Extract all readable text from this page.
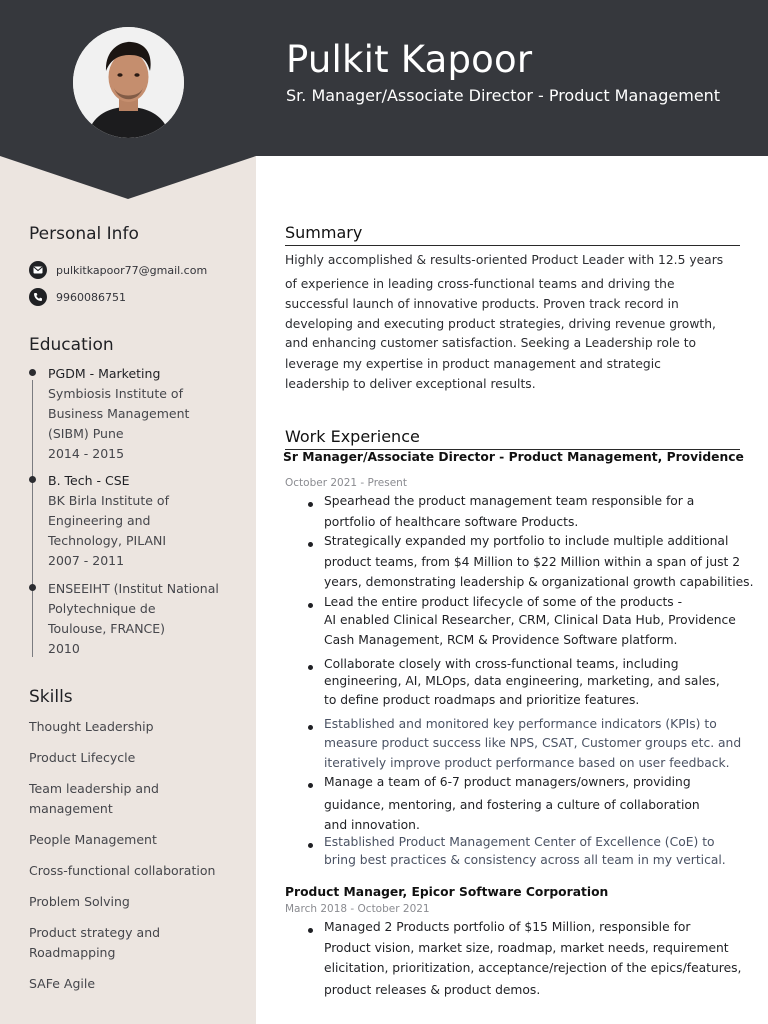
Pulkit Kapoor
Sr. Manager/Associate Director - Product Management
Personal Info
pulkitkapoor77@gmail.com
9960086751
Education
PGDM - Marketing
Symbiosis Institute of
Business Management
(SIBM) Pune
2014 - 2015
B. Tech - CSE
BK Birla Institute of
Engineering and
Technology, PILANI
2007 - 2011
ENSEEIHT (Institut National
Polytechnique de
Toulouse, FRANCE)
2010
Skills
Thought Leadership
Product Lifecycle
Team leadership and
management
People Management
Cross-functional collaboration
Problem Solving
Product strategy and
Roadmapping
SAFe Agile
Summary
Highly accomplished & results-oriented Product Leader with 12.5 years
of experience in leading cross-functional teams and driving the
successful launch of innovative products. Proven track record in
developing and executing product strategies, driving revenue growth,
and enhancing customer satisfaction. Seeking a Leadership role to
leverage my expertise in product management and strategic
leadership to deliver exceptional results.
Work Experience
Sr Manager/Associate Director - Product Management, Providence
October 2021 - Present
Spearhead the product management team responsible for a
portfolio of healthcare software Products.
Strategically expanded my portfolio to include multiple additional
product teams, from $4 Million to $22 Million within a span of just 2
years, demonstrating leadership & organizational growth capabilities.
Lead the entire product lifecycle of some of the products -
AI enabled Clinical Researcher, CRM, Clinical Data Hub, Providence
Cash Management, RCM & Providence Software platform.
Collaborate closely with cross-functional teams, including
engineering, AI, MLOps, data engineering, marketing, and sales,
to define product roadmaps and prioritize features.
Established and monitored key performance indicators (KPIs) to
measure product success like NPS, CSAT, Customer groups etc. and
iteratively improve product performance based on user feedback.
Manage a team of 6-7 product managers/owners, providing
guidance, mentoring, and fostering a culture of collaboration
and innovation.
Established Product Management Center of Excellence (CoE) to
bring best practices & consistency across all team in my vertical.
Product Manager, Epicor Software Corporation
March 2018 - October 2021
Managed 2 Products portfolio of $15 Million, responsible for
Product vision, market size, roadmap, market needs, requirement
elicitation, prioritization, acceptance/rejection of the epics/features,
product releases & product demos.
